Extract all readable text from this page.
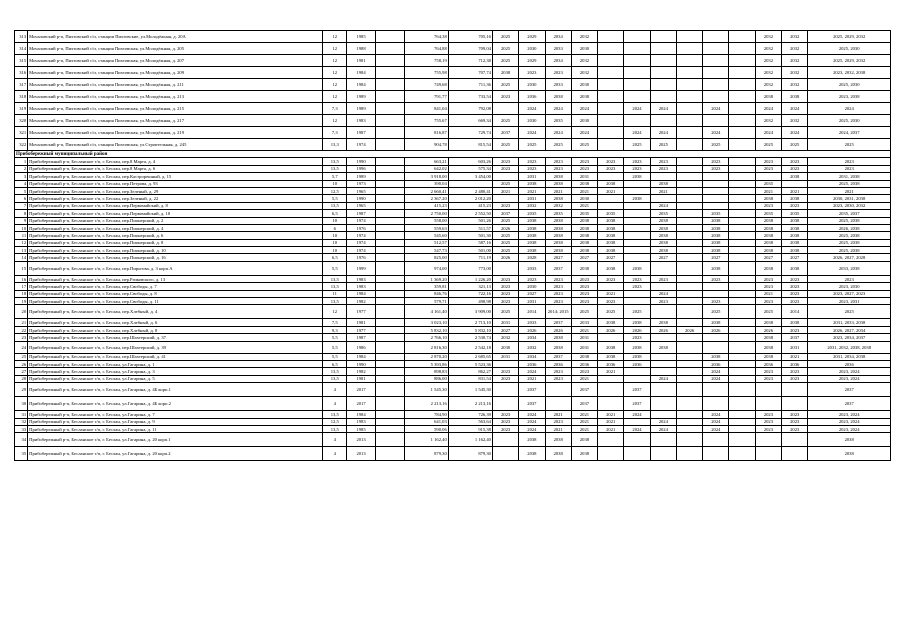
313	Мочаловский р-п, Пихтовский с/п, станции Пихтовские, ул.Молодёжная, д. 20А	12	1985		764,38	705,16	2025	2029	2034	2032							2032	2032	2025, 2029, 2032
314	Мочаловский р-п, Пихтовский с/п, станция Пихтовская, ул.Молодёжная, д. 205	12	1988		764,88	709,04	2025	2030	2033	2030							2032	2032	2025, 2030
315	Мочаловский р-п, Пихтовский с/п, станция Пихтовская, ул.Молодёжная, д. 207	12	1981		758,19	712,38	2025	2029	2034	2032							2032	2032	2025, 2029, 2032
316	Мочаловский р-п, Пихтовский с/п, станция Пихтовская, ул.Молодёжная, д. 209	12	1984		755,98	707,74	2038	2023	2023	2032							2032	2032	2023, 2032, 2038
317	Мочаловский р-п, Пихтовский с/п, станция Пихтовская, ул.Молодёжная, д. 211	12	1984		749,68	711,36	2025	2030	2033	2030							2032	2032	2025, 2030
318	Мочаловский р-п, Пихтовский с/п, станция Пихтовская, ул.Молодёжная, д. 213	12	1989		791,77	733,54	2023	2036	2038	2038							2038	2038	2023, 2038
319	Мочаловский р-п, Пихтовский с/п, станция Пихтовская, ул.Молодёжная, д. 215	7,3	1989		841,04	792,08		2024	2024	2024		2024	2024		2024		2024	2024	2024
320	Мочаловский р-п, Пихтовский с/п, станция Пихтовская, ул.Молодёжная, д. 217	12	1983		755,67	669,34	2025	2030	2035	2030							2032	2032	2025, 2030
321	Мочаловский р-п, Пихтовский с/п, станция Пихтовская, ул.Молодёжная, д. 219	7,3	1987		816,87	729,74	2037	2024	2024	2024		2024	2024		2024		2024	2024	2024, 2037
322	Мочаловский р-п, Пихтовский с/п, станция Пихтовская, ул.Строительная, д. 245	13,3	1974		904,78	815,54	2025	2025	2025	2025		2025	2025		2025		2025	2025	2025
Прибобережный муниципальный район																			
1	Прибобережный р-п, Бесланское г/п, г. Беслан, пер.8 Марта, д. 4	13,5	1990		663,21	603,26	2023	2023	2023	2023	2023	2023	2023		2023		2023	2023	2023
2	Прибобережный р-п, Бесланское г/п, г. Беслан, пер.8 Марта, д. 6	13,5	1996		642,02	575,34	2023	2023	2023	2023	2023	2023	2023		2023		2023	2023	2023
3	Прибобережный р-п, Бесланское г/п, г. Беслан, пер.Кастрорешный, д. 15	5,7	1989		3 918,00	3 454,00		2031	2038	2031		2038						2038	2031, 2038
4	Прибобережный р-п, Бесланское г/п, г. Беслан, пер.Петрова, д. 93	10	1973		390,04		2025	2038	2038	2038	2038		2038				2035		2025, 2038
5	Прибобережный р-п, Бесланское г/п, г. Беслан, пер.Зеленый, д. 29	12,5	1965		2 660,41	2 480,41	2021	2021	2021	2021	2021		2021				2021	2021	2021
6	Прибобережный р-п, Бесланское г/п, г. Беслан, пер.Зеленый, д. 22	5,5	1990		2 367,20	2 012,20		2031	2038	2030		2038					2038	2038	2030, 2031, 2038
7	Прибобережный р-п, Бесланское г/п, г. Беслан, пер.Первомайский, д. 8	13,5	1965		415,23	415,23	2023	2032	2032	2021			2024				2023	2023	2023, 2030, 2032
8	Прибобережный р-п, Бесланское г/п, г. Беслан, пер.Первомайский, д. 10	6,5	1987		2 750,00	2 552,50	2037	2035	2035	2035	2035		2035		2035		2035	2035	2035, 2037
9	Прибобережный р-п, Бесланское г/п, г. Беслан, пер.Пионерский, д. 2	10	1974		558,00	501,26	2025	2038	2038	2038	2038		2038		2038		2038	2038	2025, 2038
10	Прибобережный р-п, Бесланское г/п, г. Беслан, пер.Пионерский, д. 4	6	1976		559,63	511,57	2026	2038	2038	2038	2038		2038		2038		2038	2038	2026, 2038
11	Прибобережный р-п, Бесланское г/п, г. Беслан, пер.Пионерский, д. 6	10	1974		545,60	501,30	2025	2038	2038	2038	2038		2038		2038		2038	2038	2025, 2038
12	Прибобережный р-п, Бесланское г/п, г. Беслан, пер.Пионерский, д. 8	10	1974		512,57	587,16	2025	2038	2038	2038	2038		2038		2038		2038	2038	2025, 2038
13	Прибобережный р-п, Бесланское г/п, г. Беслан, пер.Пионерский, д. 10	10	1974		547,73	501,00	2025	2038	2038	2038	2038		2038		2038		2038	2038	2025, 2038
14	Прибобережный р-п, Бесланское г/п, г. Беслан, пер.Пионерский, д. 16	6,5	1976		825,00	711,19	2026	2028	2027	2027	2027		2027		2027		2027	2027	2026, 2027, 2028
15	Прибобережный р-п, Бесланское г/п, г. Беслан, пер.Пирогова, д. 3 корп.А	5,5	1999		974,00	773,00		2033	2037	2038	2038	2038			2038		2038	2038	2033, 2038
16	Прибобережный р-п, Бесланское г/п, г. Беслан, пер.Рачковского, д. 13	13,5	1983		1 369,20	1 226,20	2023	2023	2023	2023	2023	2023	2023		2023		2023	2023	2023
17	Прибобережный р-п, Бесланское г/п, г. Беслан, пер.Свободы, д. 7	13,5	1983		359,81	321,13	2023	2030	2023	2023		2023					2023	2023	2023, 2030
18	Прибобережный р-п, Бесланское г/п, г. Беслан, пер.Свободы, д. 8	11	1984		846,76	722,16	2023	2027	2023	2023	2021		2024				2021	2023	2023, 2027, 2023
19	Прибобережный р-п, Бесланское г/п, г. Беслан, пер.Свободы, д. 11	13,5	1982		579,71	498,98	2023	2031	2023	2023	2023		2023		2023		2023	2023	2023, 2031
20	Прибобережный р-п, Бесланское г/п, г. Беслан, пер.Хлебный, д. 4	12	1977		4 161,40	3 909,00	2025	2014	2014; 2015	2025	2025	2025			2025		2025	2014	2025
21	Прибобережный р-п, Бесланское г/п, г. Беслан, пер.Хлебный, д. 6	7,5	1981		3 023,10	2 713,10	2031	2033	2037	2033	2038	2038	2038		2038		2038	2038	2031, 2033, 2038
22	Прибобережный р-п, Бесланское г/п, г. Беслан, пер.Хлебный, д. 8	9,3	1977		5 832,10	5 832,10	2027	2026	2026	2021	2026	2026	2026	2026	2026		2026	2023	2026, 2027, 2034
23	Прибобережный р-п, Бесланское г/п, г. Беслан, пер.Шахтерский, д. 37	5,5	1987		2 766,10	2 530,74	2032	2034	2038	2031		2023					2038	2037	2023, 2034, 2037
24	Прибобережный р-п, Бесланское г/п, г. Беслан, пер.Шахтерский, д. 39	5,5	1986		2 816,30	2 542,18	2030	2032	2038	2031	2038	2038	2038				2038	2031	2031, 2032, 2038, 2038
25	Прибобережный р-п, Бесланское г/п, г. Беслан, пер.Шахтерский, д. 41	5,5	1984		2 870,20	2 685,65	2031	2034	2037	2038	2038	2038			2038		2038	2021	2031, 2034, 2038
26	Прибобережный р-п, Бесланское г/п, г. Беслан, ул.Гагарина, д. 1	6,5	1990		5 393,86	5 523,36		2036	2036	2036	2036	2036			2036		2036	2036	2036
27	Прибобережный р-п, Бесланское г/п, г. Беслан, ул.Гагарина, д. 3	13,5	1982		898,83	862,27	2023	2024	2023	2023	2021				2024		2023	2023	2023, 2024
28	Прибобережный р-п, Бесланское г/п, г. Беслан, ул.Гагарина, д. 5	13,5	1981		886,00	831,54	2023	2021	2023	2021			2024		2024		2023	2023	2023, 2024
29	Прибобережный р-п, Бесланское г/п, г. Беслан, ул.Гагарина, д. 4Б корп.1	4	2017		1 545,30	1 545,30		2037		2037		2037							2037
30	Прибобережный р-п, Бесланское г/п, г. Беслан, ул.Гагарина, д. 4Б корп.2	4	2017		2 213,16	2 213,16		2037		2037		2037							2037
31	Прибобережный р-п, Бесланское г/п, г. Беслан, ул.Гагарина, д. 7	13,5	1984		784,90	726,39	2023	2024	2021	2021	2021	2024			2024		2023	2023	2023, 2024
32	Прибобережный р-п, Бесланское г/п, г. Беслан, ул.Гагарина, д. 9	12,5	1983		641,03	563,64	2023	2024	2023	2021	2021		2024		2024		2023	2023	2023, 2024
33	Прибобережный р-п, Бесланское г/п, г. Беслан, ул.Гагарина, д. 11	13,5	1985		590,06	915,38	2023	2024	2021	2021	2021	2024	2024		2024		2023	2023	2023, 2024
34	Прибобережный р-п, Бесланское г/п, г. Беслан, ул.Гагарина, д. 20 корп.1	4	2013		1 162,40	1 162,40		2038	2038	2038									2038
35	Прибобережный р-п, Бесланское г/п, г. Беслан, ул.Гагарина, д. 20 корп.2	4	2013		879,30	879,30		2038	2038	2038									2038
